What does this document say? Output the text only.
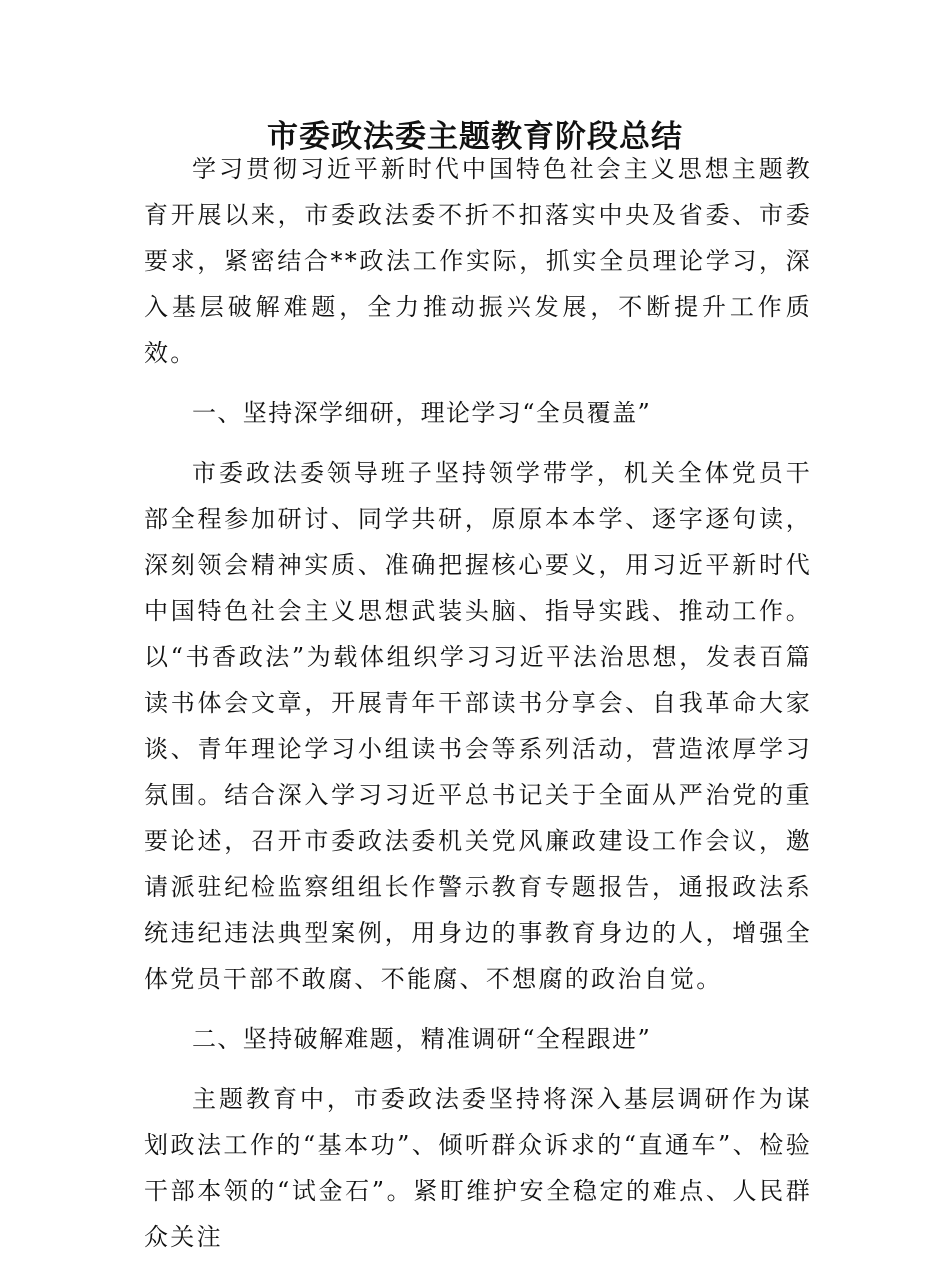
市委政法委主题教育阶段总结

学习贯彻习近平新时代中国特色社会主义思想主题教育开展以来，市委政法委不折不扣落实中央及省委、市委要求，紧密结合**政法工作实际，抓实全员理论学习，深入基层破解难题，全力推动振兴发展，不断提升工作质效。

一、坚持深学细研，理论学习“全员覆盖”

市委政法委领导班子坚持领学带学，机关全体党员干部全程参加研讨、同学共研，原原本本学、逐字逐句读，深刻领会精神实质、准确把握核心要义，用习近平新时代中国特色社会主义思想武装头脑、指导实践、推动工作。以“书香政法”为载体组织学习习近平法治思想，发表百篇读书体会文章，开展青年干部读书分享会、自我革命大家谈、青年理论学习小组读书会等系列活动，营造浓厚学习氛围。结合深入学习习近平总书记关于全面从严治党的重要论述，召开市委政法委机关党风廉政建设工作会议，邀请派驻纪检监察组组长作警示教育专题报告，通报政法系统违纪违法典型案例，用身边的事教育身边的人，增强全体党员干部不敢腐、不能腐、不想腐的政治自觉。

二、坚持破解难题，精准调研“全程跟进”

主题教育中，市委政法委坚持将深入基层调研作为谋划政法工作的“基本功”、倾听群众诉求的“直通车”、检验干部本领的“试金石”。紧盯维护安全稳定的难点、人民群众关注
